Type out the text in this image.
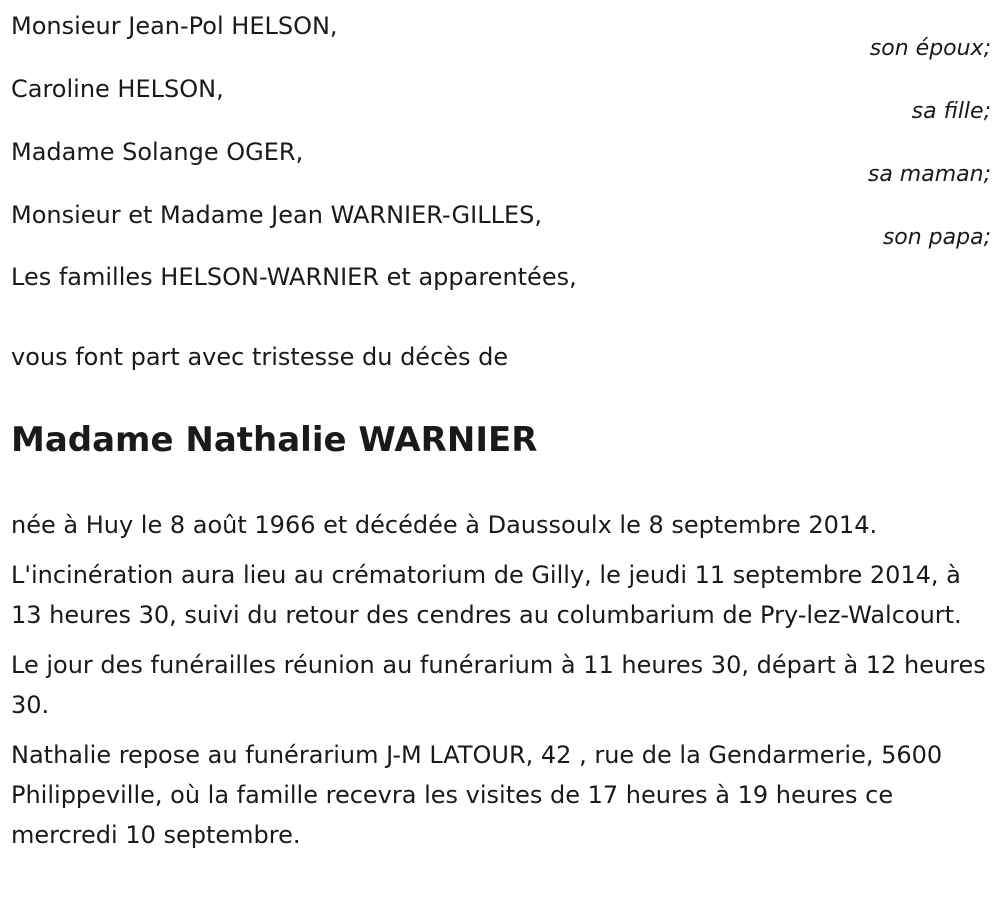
Monsieur Jean-Pol HELSON,
son époux;
Caroline HELSON,
sa fille;
Madame Solange OGER,
sa maman;
Monsieur et Madame Jean WARNIER-GILLES,
son papa;
Les familles HELSON-WARNIER et apparentées,
vous font part avec tristesse du décès de
Madame Nathalie WARNIER

née à Huy le 8 août 1966 et décédée à Daussoulx le 8 septembre 2014.

L'incinération aura lieu au crématorium de Gilly, le jeudi 11 septembre 2014, à 13 heures 30, suivi du retour des cendres au columbarium de Pry-lez-Walcourt.

Le jour des funérailles réunion au funérarium à 11 heures 30, départ à 12 heures 30.

Nathalie repose au funérarium J-M LATOUR, 42 , rue de la Gendarmerie, 5600 Philippeville, où la famille recevra les visites de 17 heures à 19 heures ce mercredi 10 septembre.
